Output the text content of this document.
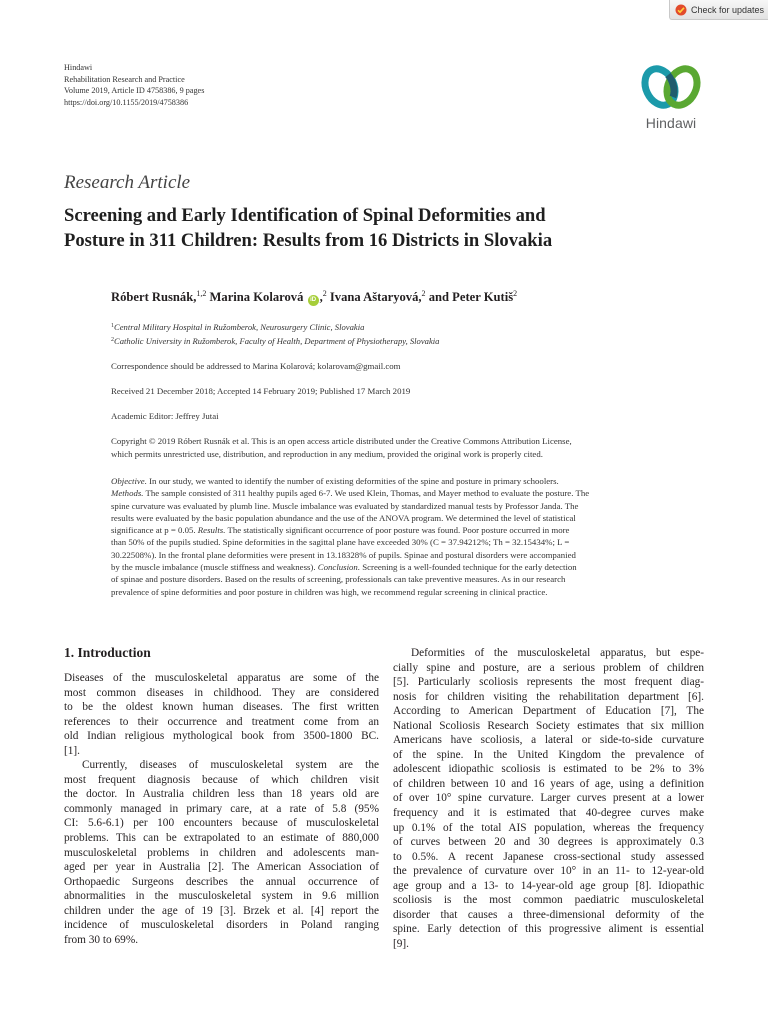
Check for updates
Hindawi
Rehabilitation Research and Practice
Volume 2019, Article ID 4758386, 9 pages
https://doi.org/10.1155/2019/4758386
Hindawi
Research Article
Screening and Early Identification of Spinal Deformities and
Posture in 311 Children: Results from 16 Districts in Slovakia
Róbert Rusnák,$^{1,2}$ Marina Kolarová iD ,$^2$ Ivana Aštaryová,$^2$ and Peter Kutiš$^2$
$^1$Central Military Hospital in Ružomberok, Neurosurgery Clinic, Slovakia
$^2$Catholic University in Ružomberok, Faculty of Health, Department of Physiotherapy, Slovakia
Correspondence should be addressed to Marina Kolarová; kolarovam@gmail.com
Received 21 December 2018; Accepted 14 February 2019; Published 17 March 2019
Academic Editor: Jeffrey Jutai
Copyright © 2019 Róbert Rusnák et al. This is an open access article distributed under the Creative Commons Attribution License,
which permits unrestricted use, distribution, and reproduction in any medium, provided the original work is properly cited.
Objective. In our study, we wanted to identify the number of existing deformities of the spine and posture in primary schoolers.
Methods. The sample consisted of 311 healthy pupils aged 6-7. We used Klein, Thomas, and Mayer method to evaluate the posture. The
spine curvature was evaluated by plumb line. Muscle imbalance was evaluated by standardized manual tests by Professor Janda. The
results were evaluated by the basic population abundance and the use of the ANOVA program. We determined the level of statistical
significance at p = 0.05. Results. The statistically significant occurrence of poor posture was found. Poor posture occurred in more
than 50% of the pupils studied. Spine deformities in the sagittal plane have exceeded 30% (C = 37.94212%; Th = 32.15434%; L =
30.22508%). In the frontal plane deformities were present in 13.18328% of pupils. Spinae and postural disorders were accompanied
by the muscle imbalance (muscle stiffness and weakness). Conclusion. Screening is a well-founded technique for the early detection
of spinae and posture disorders. Based on the results of screening, professionals can take preventive measures. As in our research
prevalence of spine deformities and poor posture in children was high, we recommend regular screening in clinical practice.
1. Introduction
Diseases of the musculoskeletal apparatus are some of the
most common diseases in childhood. They are considered
to be the oldest known human diseases. The first written
references to their occurrence and treatment come from an
old Indian religious mythological book from 3500-1800 BC.
[1].
Currently, diseases of musculoskeletal system are the
most frequent diagnosis because of which children visit
the doctor. In Australia children less than 18 years old are
commonly managed in primary care, at a rate of 5.8 (95%
CI: 5.6-6.1) per 100 encounters because of musculoskeletal
problems. This can be extrapolated to an estimate of 880,000
musculoskeletal problems in children and adolescents man-
aged per year in Australia [2]. The American Association of
Orthopaedic Surgeons describes the annual occurrence of
abnormalities in the musculoskeletal system in 9.6 million
children under the age of 19 [3]. Brzek et al. [4] report the
incidence of musculoskeletal disorders in Poland ranging
from 30 to 69%.
Deformities of the musculoskeletal apparatus, but espe-
cially spine and posture, are a serious problem of children
[5]. Particularly scoliosis represents the most frequent diag-
nosis for children visiting the rehabilitation department [6].
According to American Department of Education [7], The
National Scoliosis Research Society estimates that six million
Americans have scoliosis, a lateral or side-to-side curvature
of the spine. In the United Kingdom the prevalence of
adolescent idiopathic scoliosis is estimated to be 2% to 3%
of children between 10 and 16 years of age, using a definition
of over 10° spine curvature. Larger curves present at a lower
frequency and it is estimated that 40-degree curves make
up 0.1% of the total AIS population, whereas the frequency
of curves between 20 and 30 degrees is approximately 0.3
to 0.5%. A recent Japanese cross-sectional study assessed
the prevalence of curvature over 10° in an 11- to 12-year-old
age group and a 13- to 14-year-old age group [8]. Idiopathic
scoliosis is the most common paediatric musculoskeletal
disorder that causes a three-dimensional deformity of the
spine. Early detection of this progressive aliment is essential
[9].
